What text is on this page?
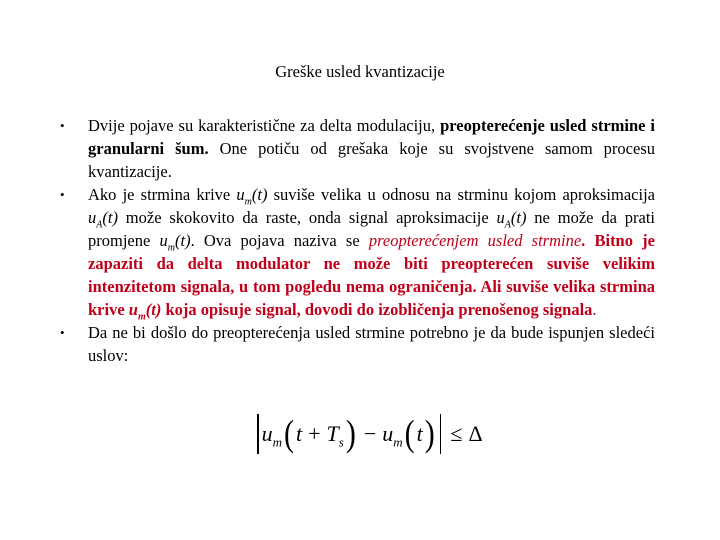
Greške usled kvantizacije
• Dvije pojave su karakteristične za delta modulaciju, preopterećenje usled strmine i granularni šum. One potiču od grešaka koje su svojstvene samom procesu kvantizacije.
• Ako je strmina krive $u_m(t)$ suviše velika u odnosu na strminu kojom aproksimacija $u_A(t)$ može skokovito da raste, onda signal aproksimacije $u_A(t)$ ne može da prati promjene $u_m(t)$. Ova pojava naziva se preopterećenjem usled strmine. Bitno je zapaziti da delta modulator ne može biti preopterećen suviše velikim intenzitetom signala, u tom pogledu nema ograničenja. Ali suviše velika strmina krive $u_m(t)$ koja opisuje signal, dovodi do izobličenja prenošenog signala.
• Da ne bi došlo do preopterećenja usled strmine potrebno je da bude ispunjen sledeći uslov:
$u_m$ ( $t + T_s$ ) − $u_m$ ( t ) ≤ Δ
